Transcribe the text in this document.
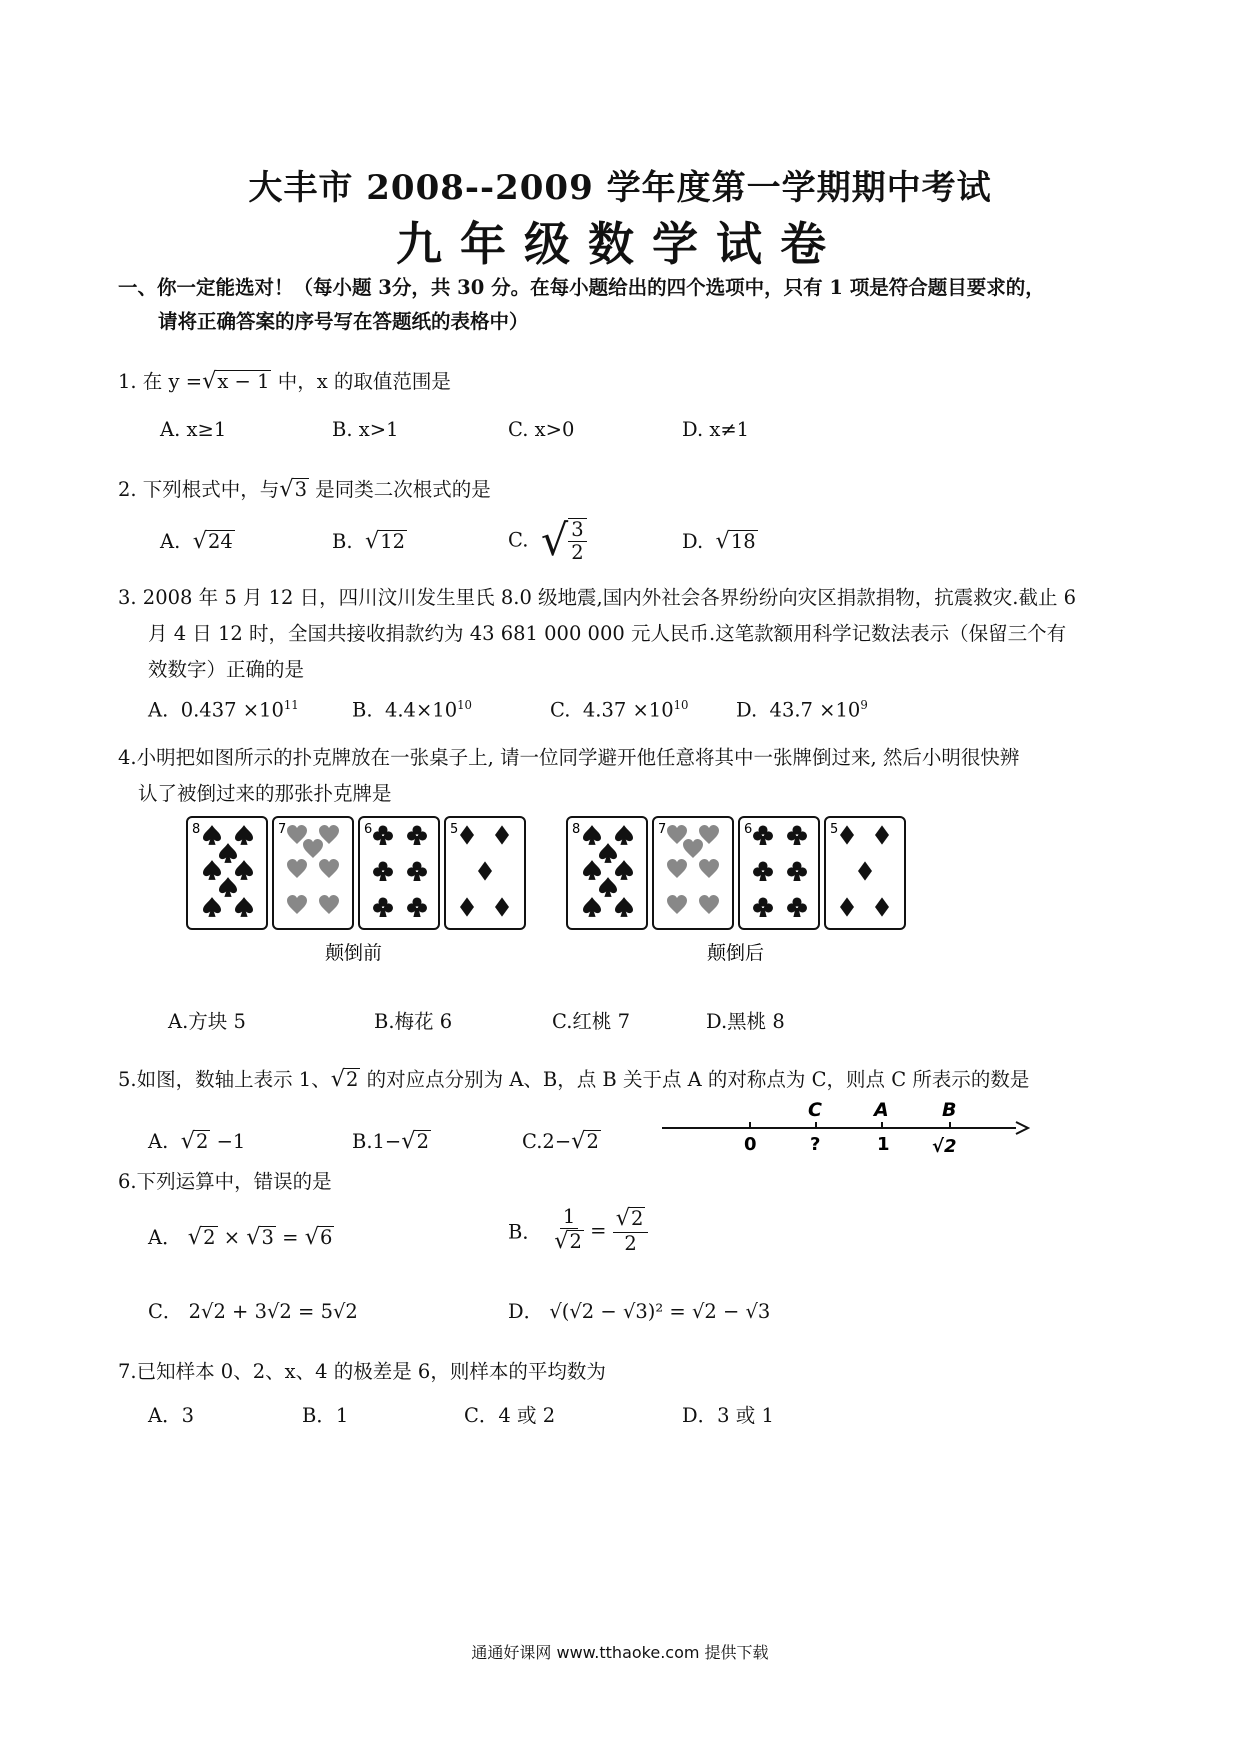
大丰市 2008--2009 学年度第一学期期中考试
九年级数学试卷
一、你一定能选对！（每小题 3分，共 30 分。在每小题给出的四个选项中，只有 1 项是符合题目要求的，
请将正确答案的序号写在答题纸的表格中）
1. 在 y =√x − 1 中，x 的取值范围是
A. x≥1	B. x>1	C. x>0	D. x≠1
2. 下列根式中，与√3 是同类二次根式的是
A. √24	B. √12	C. √ $\frac{3}{2}$	D. √18
3. 2008 年 5 月 12 日，四川汶川发生里氏 8.0 级地震,国内外社会各界纷纷向灾区捐款捐物，抗震救灾.截止 6
月 4 日 12 时，全国共接收捐款约为 43 681 000 000 元人民币.这笔款额用科学记数法表示（保留三个有
效数字）正确的是
A. $0.437 \times 10^{11}$	B. $4.4\times 10^{10}$	C. $4.37 \times 10^{10}$ D. $43.7 \times 10^9$
4.小明把如图所示的扑克牌放在一张桌子上, 请一位同学避开他任意将其中一张牌倒过来, 然后小明很快辨
认了被倒过来的那张扑克牌是
8	7	6	5	8	7	6	5
颠倒前	颠倒后
A.方块 5	B.梅花 6	C.红桃 7	D.黑桃 8
5.如图，数轴上表示 1、√2 的对应点分别为 A、B，点 B 关于点 A 的对称点为 C，则点 C 所表示的数是
A. √2 −1	B.1−√2	C.2−√2
C	A	B
0	?	1 √2
6.下列运算中，错误的是
A． √2 × √3 = √6	B． $\frac{1}{√2} = \frac{√2}{2}$
C． 2√2 + 3√2 = 5√2	D． √(√2 − √3)² = √2 − √3
7.已知样本 0、2、x、4 的极差是 6，则样本的平均数为
A．3	B．1	C．4 或 2	D．3 或 1
通通好课网 www.tthaoke.com 提供下载
